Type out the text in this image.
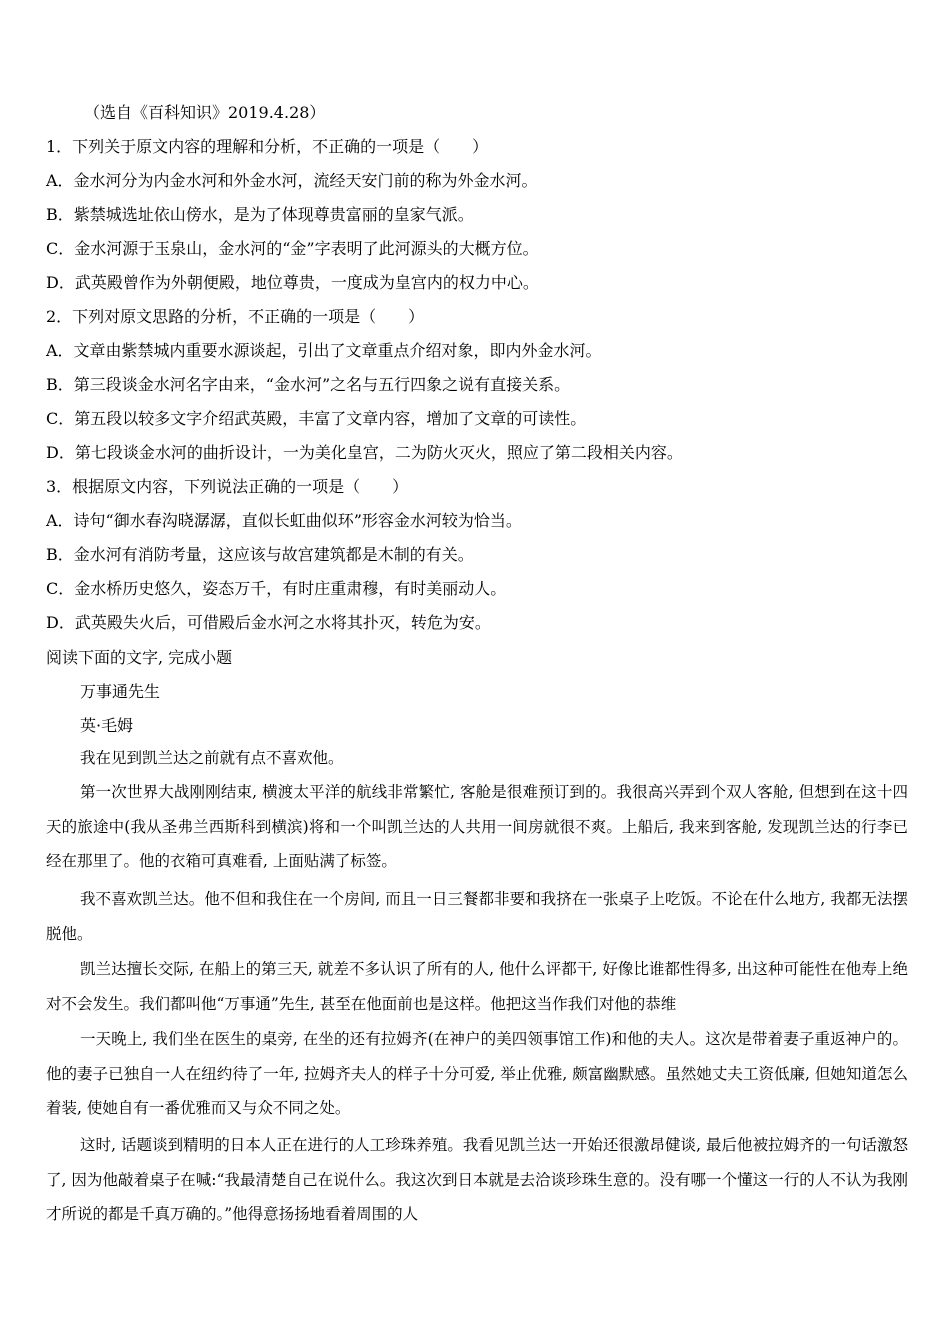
（选自《百科知识》2019.4.28）
1．下列关于原文内容的理解和分析，不正确的一项是（　　）
A．金水河分为内金水河和外金水河，流经天安门前的称为外金水河。
B．紫禁城选址依山傍水，是为了体现尊贵富丽的皇家气派。
C．金水河源于玉泉山，金水河的“金”字表明了此河源头的大概方位。
D．武英殿曾作为外朝便殿，地位尊贵，一度成为皇宫内的权力中心。
2．下列对原文思路的分析，不正确的一项是（　　）
A．文章由紫禁城内重要水源谈起，引出了文章重点介绍对象，即内外金水河。
B．第三段谈金水河名字由来，“金水河”之名与五行四象之说有直接关系。
C．第五段以较多文字介绍武英殿，丰富了文章内容，增加了文章的可读性。
D．第七段谈金水河的曲折设计，一为美化皇宫，二为防火灭火，照应了第二段相关内容。
3．根据原文内容，下列说法正确的一项是（　　）
A．诗句“御水春沟晓潺潺，直似长虹曲似环”形容金水河较为恰当。
B．金水河有消防考量，这应该与故宫建筑都是木制的有关。
C．金水桥历史悠久，姿态万千，有时庄重肃穆，有时美丽动人。
D．武英殿失火后，可借殿后金水河之水将其扑灭，转危为安。
阅读下面的文字, 完成小题
万事通先生
英·毛姆
我在见到凯兰达之前就有点不喜欢他。
第一次世界大战刚刚结束, 横渡太平洋的航线非常繁忙, 客舱是很难预订到的。我很高兴弄到个双人客舱, 但想到在这十四天的旅途中(我从圣弗兰西斯科到横滨)将和一个叫凯兰达的人共用一间房就很不爽。上船后, 我来到客舱, 发现凯兰达的行李已经在那里了。他的衣箱可真难看, 上面贴满了标签。
我不喜欢凯兰达。他不但和我住在一个房间, 而且一日三餐都非要和我挤在一张桌子上吃饭。不论在什么地方, 我都无法摆脱他。
凯兰达擅长交际, 在船上的第三天, 就差不多认识了所有的人, 他什么评都干, 好像比谁都性得多, 出这种可能性在他寿上绝对不会发生。我们都叫他“万事通”先生, 甚至在他面前也是这样。他把这当作我们对他的恭维
一天晚上, 我们坐在医生的桌旁, 在坐的还有拉姆齐(在神户的美四领事馆工作)和他的夫人。这次是带着妻子重返神户的。他的妻子已独自一人在纽约待了一年, 拉姆齐夫人的样子十分可爱, 举止优雅, 颇富幽默感。虽然她丈夫工资低廉, 但她知道怎么着装, 使她自有一番优雅而又与众不同之处。
这时, 话题谈到精明的日本人正在进行的人工珍珠养殖。我看见凯兰达一开始还很激昂健谈, 最后他被拉姆齐的一句话激怒了, 因为他敲着桌子在喊:“我最清楚自己在说什么。我这次到日本就是去洽谈珍珠生意的。没有哪一个懂这一行的人不认为我刚才所说的都是千真万确的。”他得意扬扬地看着周围的人
